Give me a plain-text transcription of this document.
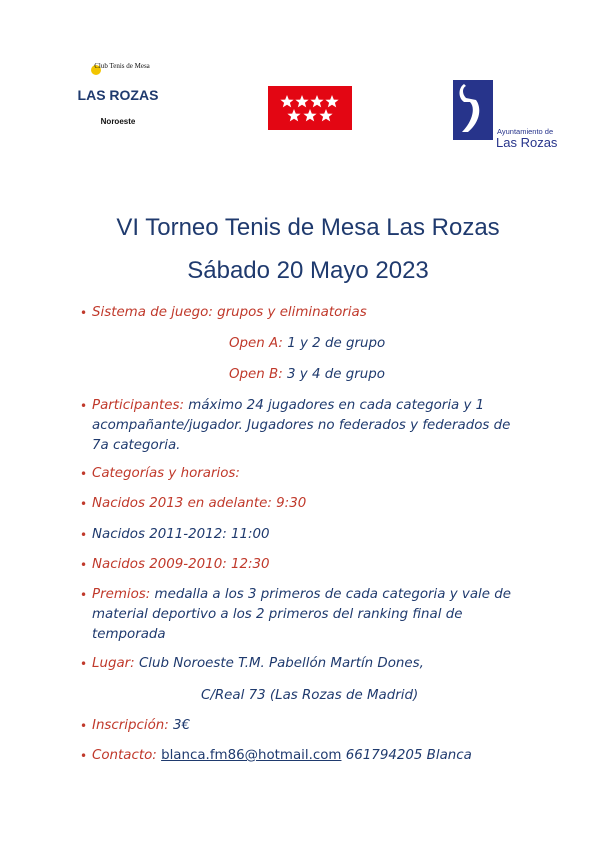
Club Tenis de Mesa
LAS ROZAS
Noroeste
Ayuntamiento de
Las Rozas
VI Torneo Tenis de Mesa Las Rozas
Sábado 20 Mayo 2023
• Sistema de juego: grupos y eliminatorias
Open A: 1 y 2 de grupo
Open B: 3 y 4 de grupo
• Participantes: máximo 24 jugadores en cada categoria y 1
acompañante/jugador. Jugadores no federados y federados de
7a categoria.
• Categorías y horarios:
• Nacidos 2013 en adelante: 9:30
• Nacidos 2011-2012: 11:00
• Nacidos 2009-2010: 12:30
• Premios: medalla a los 3 primeros de cada categoria y vale de
material deportivo a los 2 primeros del ranking final de
temporada
• Lugar: Club Noroeste T.M. Pabellón Martín Dones,
C/Real 73 (Las Rozas de Madrid)
• Inscripción: 3€
• Contacto: blanca.fm86@hotmail.com 661794205 Blanca
